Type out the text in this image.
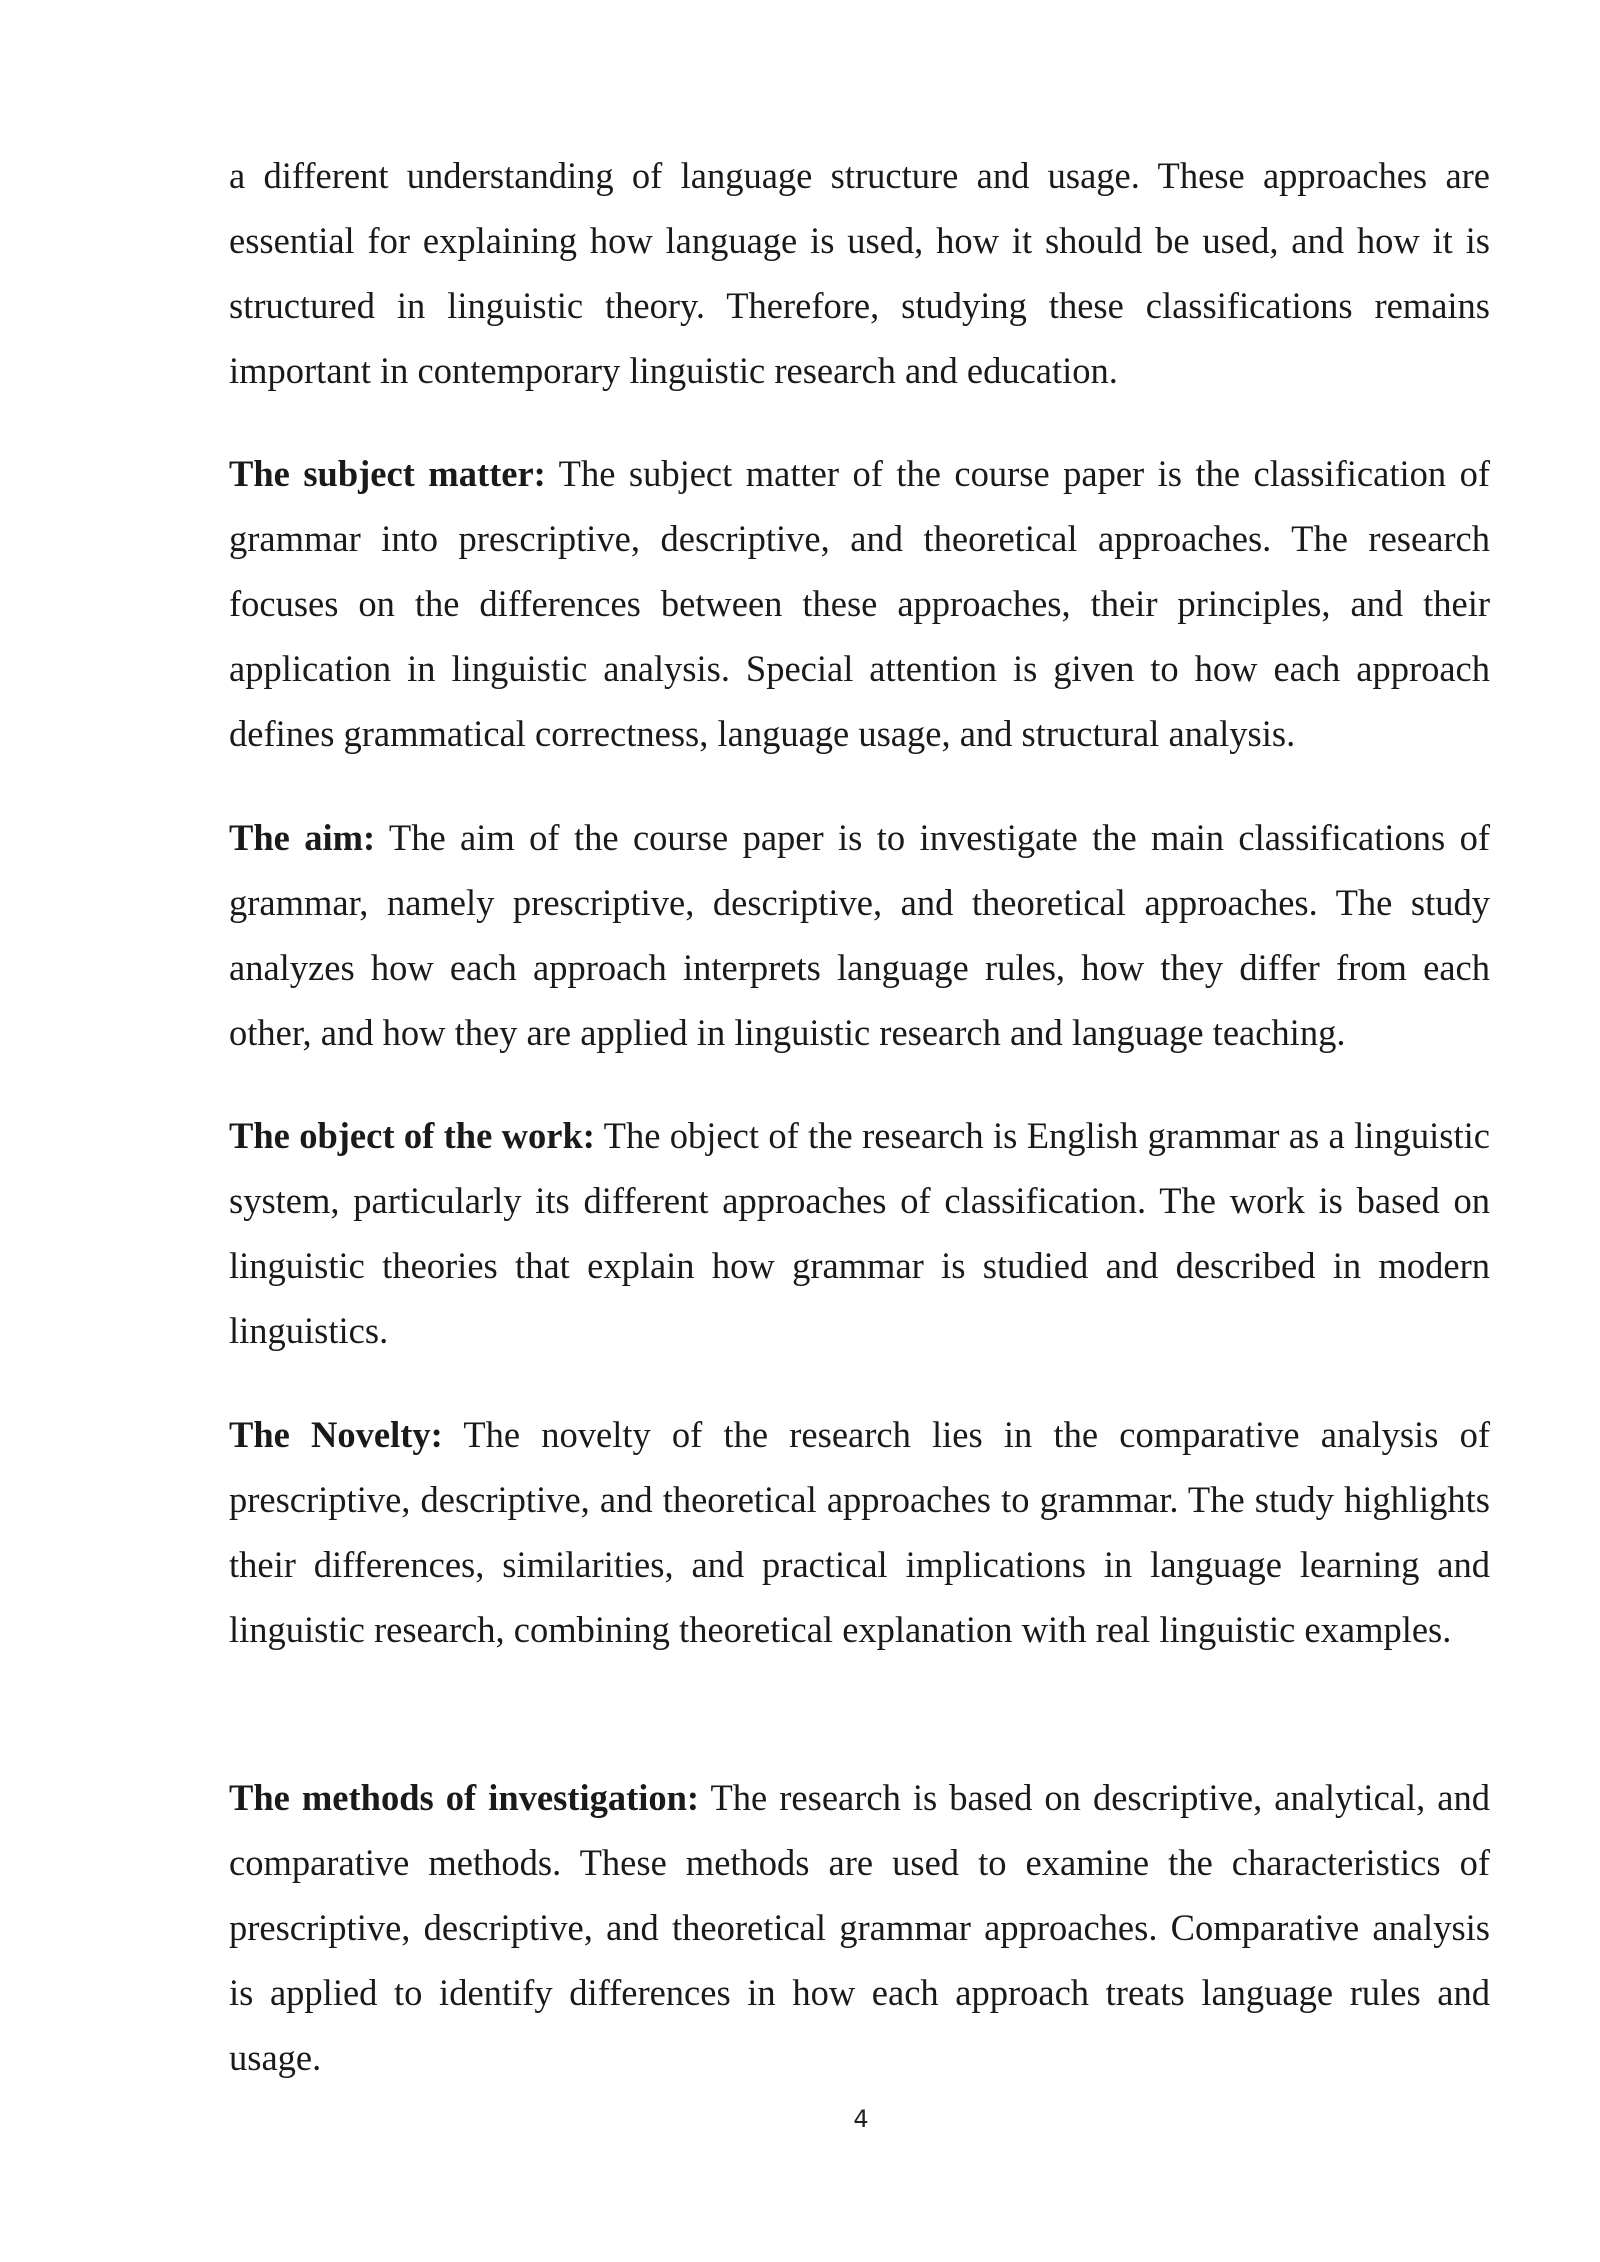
a different understanding of language structure and usage. These approaches are essential for explaining how language is used, how it should be used, and how it is structured in linguistic theory. Therefore, studying these classifications remains important in contemporary linguistic research and education.

The subject matter: The subject matter of the course paper is the classification of grammar into prescriptive, descriptive, and theoretical approaches. The research focuses on the differences between these approaches, their principles, and their application in linguistic analysis. Special attention is given to how each approach defines grammatical correctness, language usage, and structural analysis.

The aim: The aim of the course paper is to investigate the main classifications of grammar, namely prescriptive, descriptive, and theoretical approaches. The study analyzes how each approach interprets language rules, how they differ from each other, and how they are applied in linguistic research and language teaching.

The object of the work: The object of the research is English grammar as a linguistic system, particularly its different approaches of classification. The work is based on linguistic theories that explain how grammar is studied and described in modern linguistics.

The Novelty: The novelty of the research lies in the comparative analysis of prescriptive, descriptive, and theoretical approaches to grammar. The study highlights their differences, similarities, and practical implications in language learning and linguistic research, combining theoretical explanation with real linguistic examples.

The methods of investigation: The research is based on descriptive, analytical, and comparative methods. These methods are used to examine the characteristics of prescriptive, descriptive, and theoretical grammar approaches. Comparative analysis is applied to identify differences in how each approach treats language rules and usage.

4
